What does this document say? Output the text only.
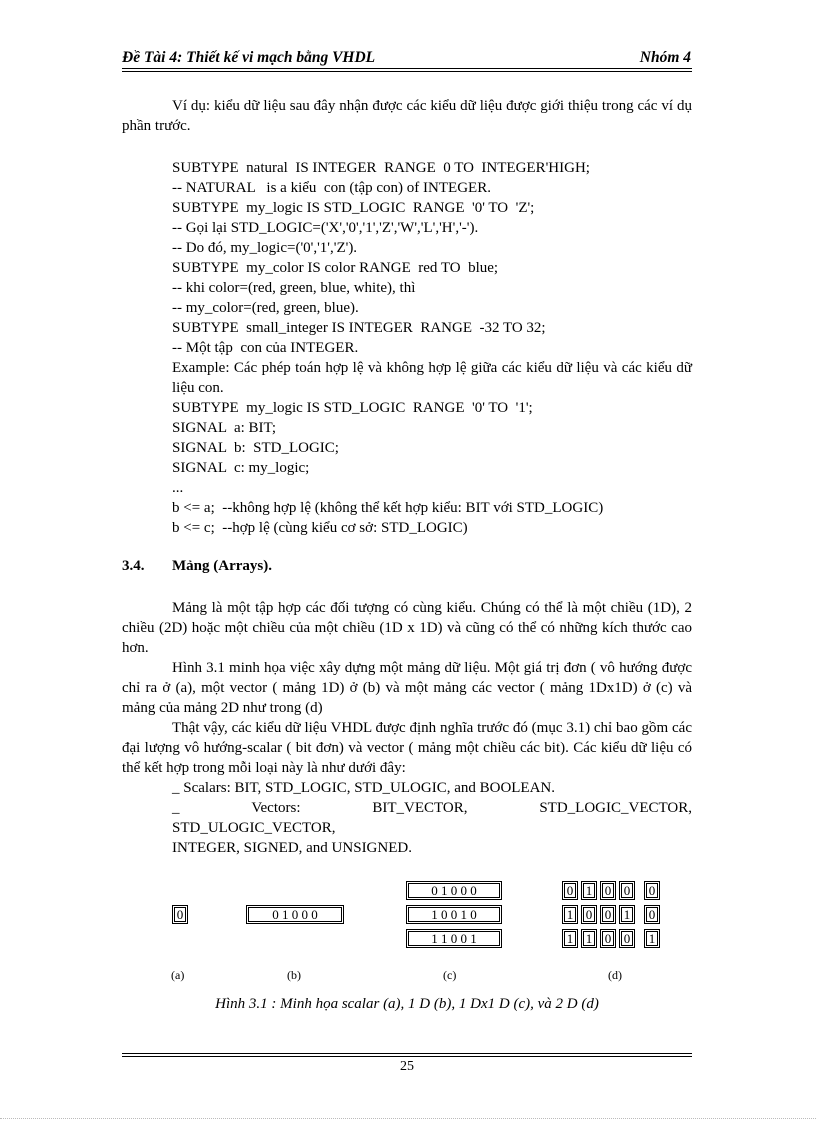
Đề Tài 4: Thiết kế vi mạch bằng VHDL	Nhóm 4

Ví dụ: kiểu dữ liệu sau đây nhận được các kiểu dữ liệu được giới thiệu trong các ví dụ phần trước.

SUBTYPE  natural  IS INTEGER  RANGE  0 TO  INTEGER'HIGH;
-- NATURAL   is a kiểu  con (tập con) of INTEGER.
SUBTYPE  my_logic IS STD_LOGIC  RANGE  '0' TO  'Z';
-- Gọi lại STD_LOGIC=('X','0','1','Z','W','L','H','-').
-- Do đó, my_logic=('0','1','Z').
SUBTYPE  my_color IS color RANGE  red TO  blue;
-- khi color=(red, green, blue, white), thì
-- my_color=(red, green, blue).
SUBTYPE  small_integer IS INTEGER  RANGE  -32 TO 32;
-- Một tập  con của INTEGER.
Example: Các phép toán hợp lệ và không hợp lệ giữa các kiểu dữ liệu và các kiểu dữ liệu con.
SUBTYPE  my_logic IS STD_LOGIC  RANGE  '0' TO  '1';
SIGNAL  a: BIT;
SIGNAL  b:  STD_LOGIC;
SIGNAL  c: my_logic;
...
b <= a;  --không hợp lệ (không thể kết hợp kiểu: BIT với STD_LOGIC)
b <= c;  --hợp lệ (cùng kiểu cơ sở: STD_LOGIC)

3.4. Mảng (Arrays).

Mảng là một tập hợp các đối tượng có cùng kiểu. Chúng có thể là một chiều (1D), 2 chiều (2D) hoặc một chiều của một chiều (1D x 1D) và cũng có thể có những kích thước cao hơn.

Hình 3.1 minh họa việc xây dựng một mảng dữ liệu. Một giá trị đơn ( vô hướng được chỉ ra ở (a), một vector ( mảng 1D) ở (b) và một mảng các vector ( mảng 1Dx1D) ở (c) và mảng của mảng 2D như trong (d)

Thật vậy, các kiểu dữ liệu VHDL được định nghĩa trước đó (mục 3.1) chỉ bao gồm các đại lượng vô hướng-scalar ( bit đơn) và vector ( mảng một chiều các bit). Các kiểu dữ liệu có thể kết hợp trong mỗi loại này là như dưới đây:

_ Scalars: BIT, STD_LOGIC, STD_ULOGIC, and BOOLEAN.
_	Vectors:	BIT_VECTOR,	STD_LOGIC_VECTOR,
STD_ULOGIC_VECTOR,
INTEGER, SIGNED, and UNSIGNED.
0	0 1 0 0 0
0 1 0 0 0
1 0 0 1 0
1 1 0 0 1
0 1 0 0	0
1 0 0 1	0
1 1 0 0	1
(a)	(b)	(c)	(d)
Hình 3.1 : Minh họa scalar (a), 1 D (b), 1 Dx1 D (c), và 2 D (d)
25
